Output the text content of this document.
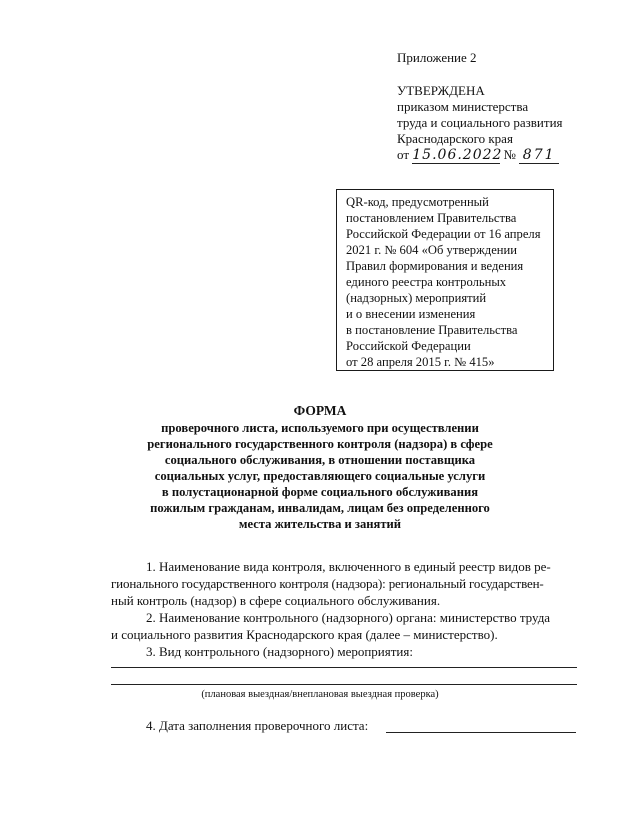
Приложение 2
УТВЕРЖДЕНА
приказом министерства
труда и социального развития
Краснодарского края
от 15.06.2022 № 871
QR-код, предусмотренный
постановлением Правительства
Российской Федерации от 16 апреля
2021 г. № 604 «Об утверждении
Правил формирования и ведения
единого реестра контрольных
(надзорных) мероприятий
и о внесении изменения
в постановление Правительства
Российской Федерации
от 28 апреля 2015 г. № 415»
ФОРМА
проверочного листа, используемого при осуществлении
регионального государственного контроля (надзора) в сфере
социального обслуживания, в отношении поставщика
социальных услуг, предоставляющего социальные услуги
в полустационарной форме социального обслуживания
пожилым гражданам, инвалидам, лицам без определенного
места жительства и занятий
1. Наименование вида контроля, включенного в единый реестр видов ре-
гионального государственного контроля (надзора): региональный государствен-
ный контроль (надзор) в сфере социального обслуживания.
2. Наименование контрольного (надзорного) органа: министерство труда
и социального развития Краснодарского края (далее – министерство).
3. Вид контрольного (надзорного) мероприятия:
(плановая выездная/внеплановая выездная проверка)
4. Дата заполнения проверочного листа:
